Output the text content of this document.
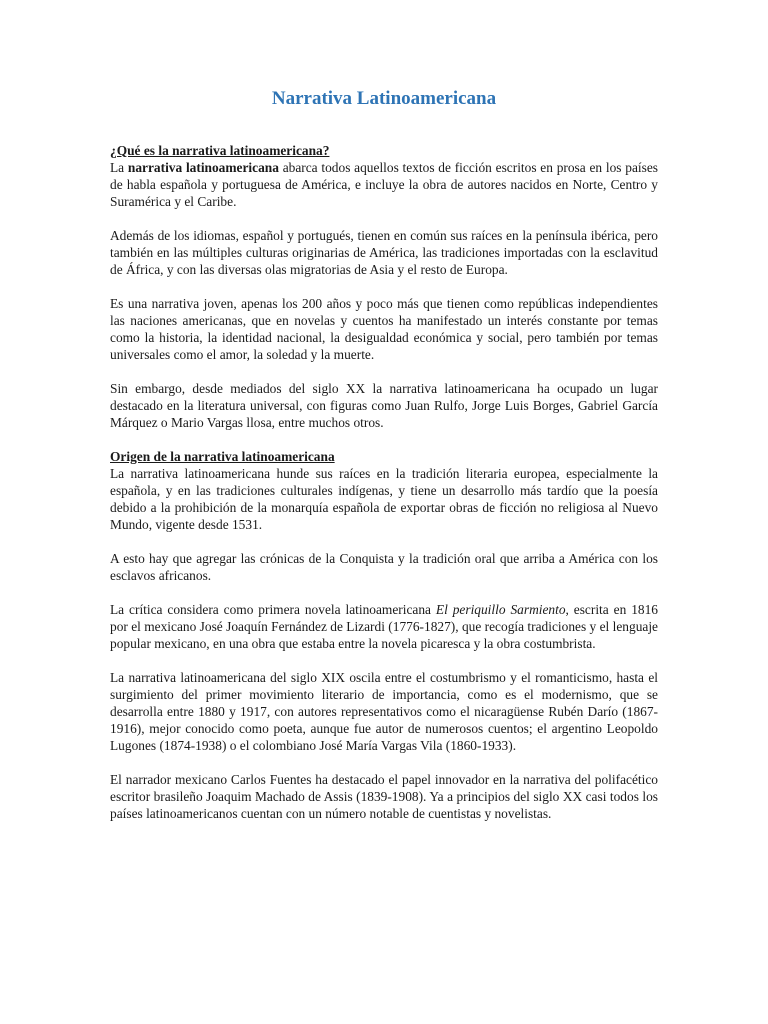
Narrativa Latinoamericana
¿Qué es la narrativa latinoamericana?

La narrativa latinoamericana abarca todos aquellos textos de ficción escritos en prosa en los países de habla española y portuguesa de América, e incluye la obra de autores nacidos en Norte, Centro y Suramérica y el Caribe.

Además de los idiomas, español y portugués, tienen en común sus raíces en la península ibérica, pero también en las múltiples culturas originarias de América, las tradiciones importadas con la esclavitud de África, y con las diversas olas migratorias de Asia y el resto de Europa.

Es una narrativa joven, apenas los 200 años y poco más que tienen como repúblicas independientes las naciones americanas, que en novelas y cuentos ha manifestado un interés constante por temas como la historia, la identidad nacional, la desigualdad económica y social, pero también por temas universales como el amor, la soledad y la muerte.

Sin embargo, desde mediados del siglo XX la narrativa latinoamericana ha ocupado un lugar destacado en la literatura universal, con figuras como Juan Rulfo, Jorge Luis Borges, Gabriel García Márquez o Mario Vargas llosa, entre muchos otros.

Origen de la narrativa latinoamericana

La narrativa latinoamericana hunde sus raíces en la tradición literaria europea, especialmente la española, y en las tradiciones culturales indígenas, y tiene un desarrollo más tardío que la poesía debido a la prohibición de la monarquía española de exportar obras de ficción no religiosa al Nuevo Mundo, vigente desde 1531.

A esto hay que agregar las crónicas de la Conquista y la tradición oral que arriba a América con los esclavos africanos.

La crítica considera como primera novela latinoamericana El periquillo Sarmiento, escrita en 1816 por el mexicano José Joaquín Fernández de Lizardi (1776-1827), que recogía tradiciones y el lenguaje popular mexicano, en una obra que estaba entre la novela picaresca y la obra costumbrista.

La narrativa latinoamericana del siglo XIX oscila entre el costumbrismo y el romanticismo, hasta el surgimiento del primer movimiento literario de importancia, como es el modernismo, que se desarrolla entre 1880 y 1917, con autores representativos como el nicaragüense Rubén Darío (1867-1916), mejor conocido como poeta, aunque fue autor de numerosos cuentos; el argentino Leopoldo Lugones (1874-1938) o el colombiano José María Vargas Vila (1860-1933).

El narrador mexicano Carlos Fuentes ha destacado el papel innovador en la narrativa del polifacético escritor brasileño Joaquim Machado de Assis (1839-1908). Ya a principios del siglo XX casi todos los países latinoamericanos cuentan con un número notable de cuentistas y novelistas.
